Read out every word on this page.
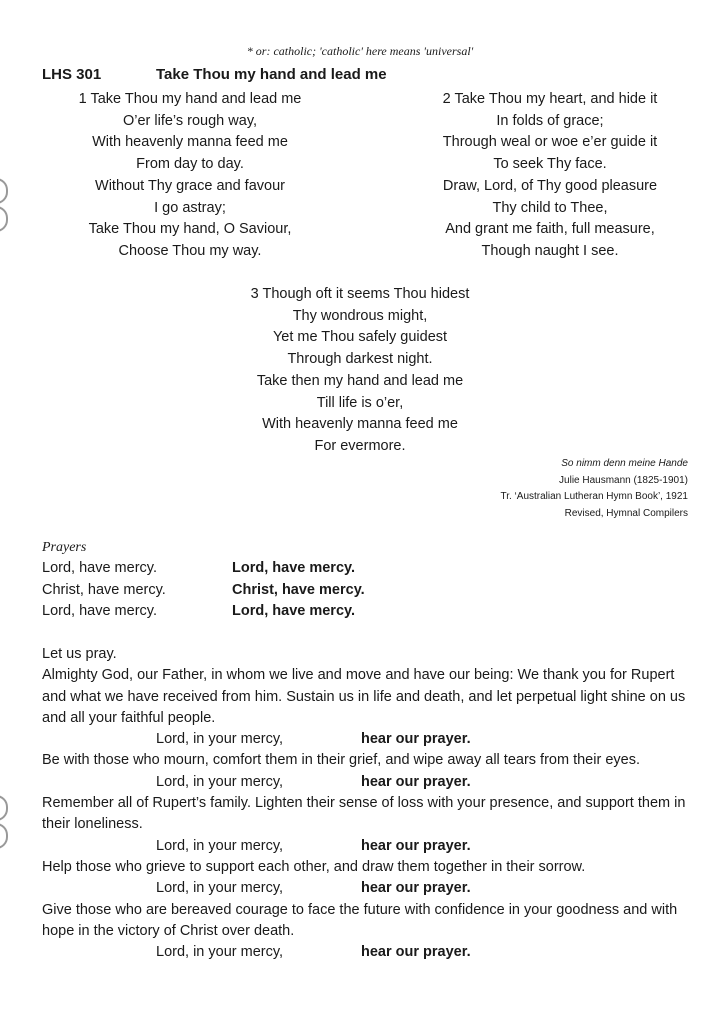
* or: catholic; 'catholic' here means 'universal'
LHS 301	Take Thou my hand and lead me
1 Take Thou my hand and lead me
O’er life’s rough way,
With heavenly manna feed me
From day to day.
Without Thy grace and favour
I go astray;
Take Thou my hand, O Saviour,
Choose Thou my way.
2 Take Thou my heart, and hide it
In folds of grace;
Through weal or woe e’er guide it
To seek Thy face.
Draw, Lord, of Thy good pleasure
Thy child to Thee,
And grant me faith, full measure,
Though naught I see.
3 Though oft it seems Thou hidest
Thy wondrous might,
Yet me Thou safely guidest
Through darkest night.
Take then my hand and lead me
Till life is o’er,
With heavenly manna feed me
For evermore.
So nimm denn meine Hande
Julie Hausmann (1825-1901)
Tr. ‘Australian Lutheran Hymn Book’, 1921
Revised, Hymnal Compilers
Prayers
Lord, have mercy.	Lord, have mercy.
Christ, have mercy.	Christ, have mercy.
Lord, have mercy.	Lord, have mercy.
Let us pray.
Almighty God, our Father, in whom we live and move and have our being: We thank you for Rupert and what we have received from him. Sustain us in life and death, and let perpetual light shine on us and all your faithful people.
Lord, in your mercy,	hear our prayer.
Be with those who mourn, comfort them in their grief, and wipe away all tears from their eyes.
Lord, in your mercy,	hear our prayer.
Remember all of Rupert’s family. Lighten their sense of loss with your presence, and support them in their loneliness.
Lord, in your mercy,	hear our prayer.
Help those who grieve to support each other, and draw them together in their sorrow.
Lord, in your mercy,	hear our prayer.
Give those who are bereaved courage to face the future with confidence in your goodness and with hope in the victory of Christ over death.
Lord, in your mercy,	hear our prayer.
